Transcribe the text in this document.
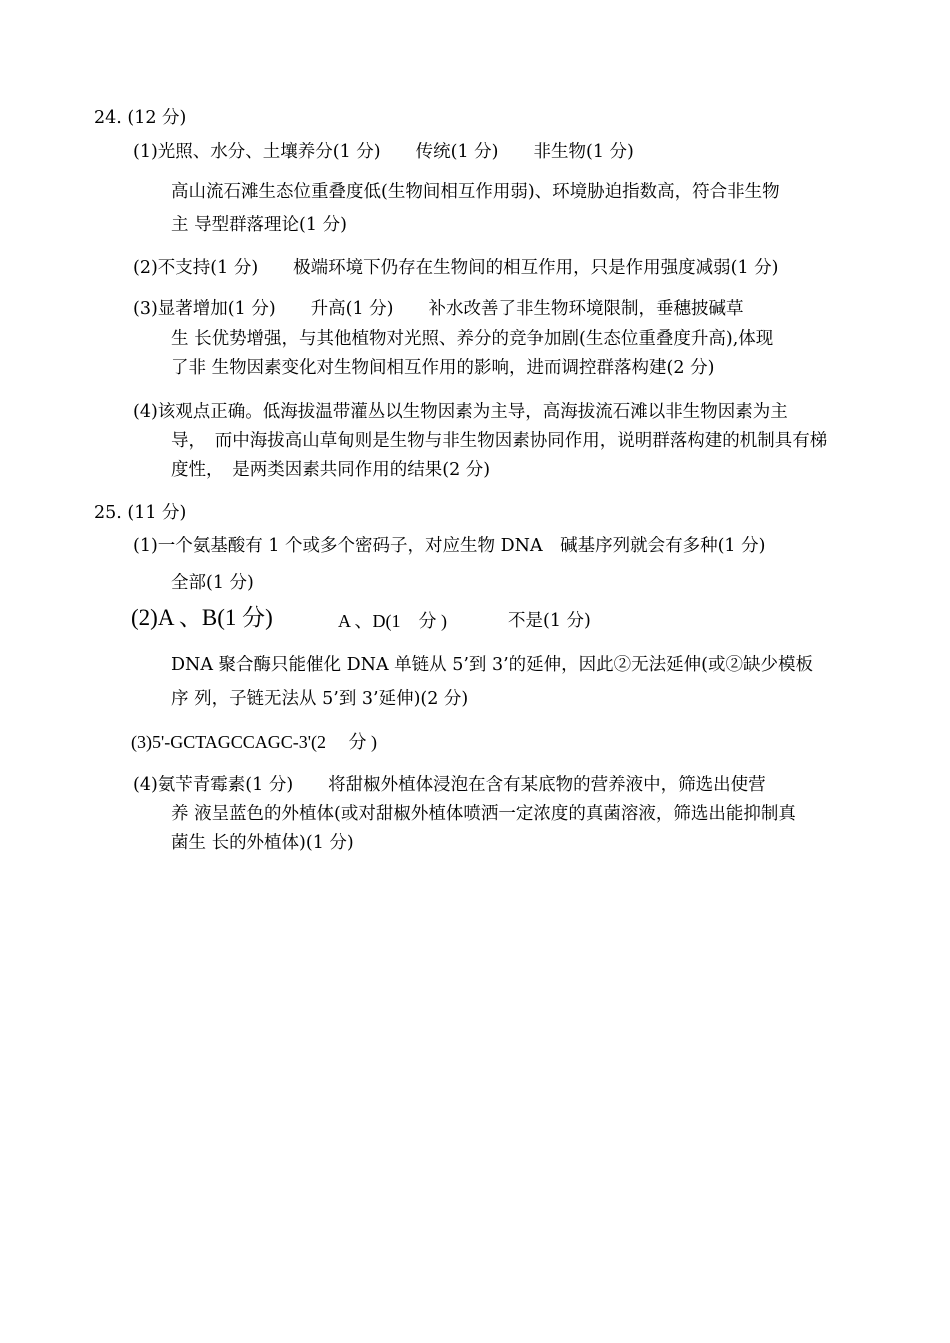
24. (12 分)
(1)光照、水分、土壤养分(1 分)　　传统(1 分)　　非生物(1 分)
高山流石滩生态位重叠度低(生物间相互作用弱)、环境胁迫指数高，符合非生物
主 导型群落理论(1 分)
(2)不支持(1 分)　　极端环境下仍存在生物间的相互作用，只是作用强度减弱(1 分)
(3)显著增加(1 分)　　升高(1 分)　　补水改善了非生物环境限制，垂穗披碱草
生 长优势增强，与其他植物对光照、养分的竞争加剧(生态位重叠度升高),体现
了非 生物因素变化对生物间相互作用的影响，进而调控群落构建(2 分)
(4)该观点正确。低海拔温带灌丛以生物因素为主导，高海拔流石滩以非生物因素为主
导，　而中海拔高山草甸则是生物与非生物因素协同作用，说明群落构建的机制具有梯
度性，　是两类因素共同作用的结果(2 分)
25. (11 分)
(1)一个氨基酸有 1 个或多个密码子，对应生物 DNA　碱基序列就会有多种(1 分)
全部(1 分)
(2)A 、B(1 分)	A 、D(1　分 )	不是(1 分)
DNA 聚合酶只能催化 DNA 单链从 5’到 3’的延伸，因此②无法延伸(或②缺少模板
序 列，子链无法从 5’到 3’延伸)(2 分)
(3)5'-GCTAGCCAGC-3'(2　 分 )
(4)氨苄青霉素(1 分)　　将甜椒外植体浸泡在含有某底物的营养液中，筛选出使营
养 液呈蓝色的外植体(或对甜椒外植体喷洒一定浓度的真菌溶液，筛选出能抑制真
菌生 长的外植体)(1 分)
